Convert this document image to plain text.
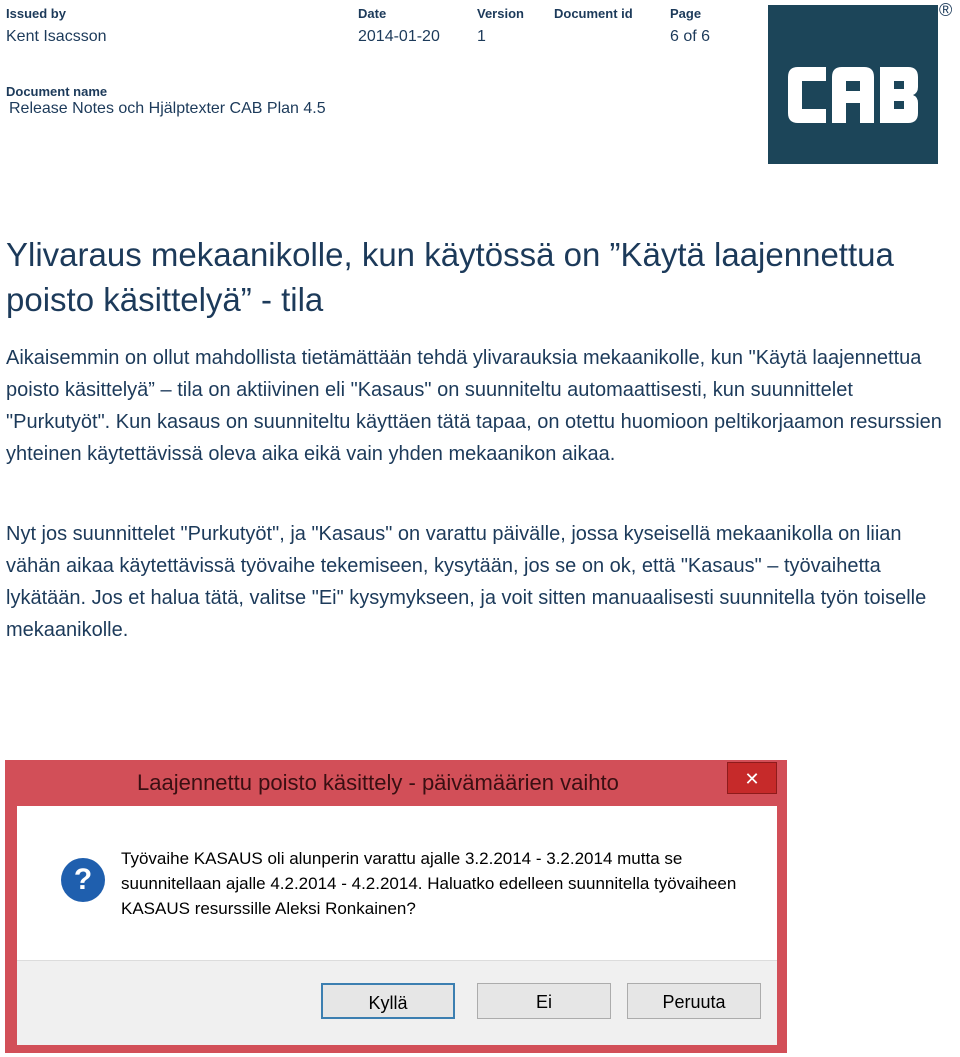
Issued by
Kent Isacsson
Date
2014-01-20
Version
1
Document id	Page
6 of 6
Document name
Release Notes och Hjälptexter CAB Plan 4.5
®
Ylivaraus mekaanikolle, kun käytössä on ”Käytä laajennettua poisto käsittelyä” - tila

Aikaisemmin on ollut mahdollista tietämättään tehdä ylivarauksia mekaanikolle, kun "Käytä laajennettua poisto käsittelyä” – tila on aktiivinen eli "Kasaus" on suunniteltu automaattisesti, kun suunnittelet "Purkutyöt". Kun kasaus on suunniteltu käyttäen tätä tapaa, on otettu huomioon peltikorjaamon resurssien yhteinen käytettävissä oleva aika eikä vain yhden mekaanikon aikaa.

Nyt jos suunnittelet "Purkutyöt", ja "Kasaus" on varattu päivälle, jossa kyseisellä mekaanikolla on liian vähän aikaa käytettävissä työvaihe tekemiseen, kysytään, jos se on ok, että "Kasaus" – työvaihetta lykätään. Jos et halua tätä, valitse "Ei" kysymykseen, ja voit sitten manuaalisesti suunnitella työn toiselle mekaanikolle.

Laajennettu poisto käsittely - päivämäärien vaihto	✕
?

Työvaihe KASAUS oli alunperin varattu ajalle 3.2.2014 - 3.2.2014 mutta se suunnitellaan ajalle 4.2.2014 - 4.2.2014. Haluatko edelleen suunnitella työvaiheen KASAUS resurssille Aleksi Ronkainen?

Kyllä	Ei	Peruuta
